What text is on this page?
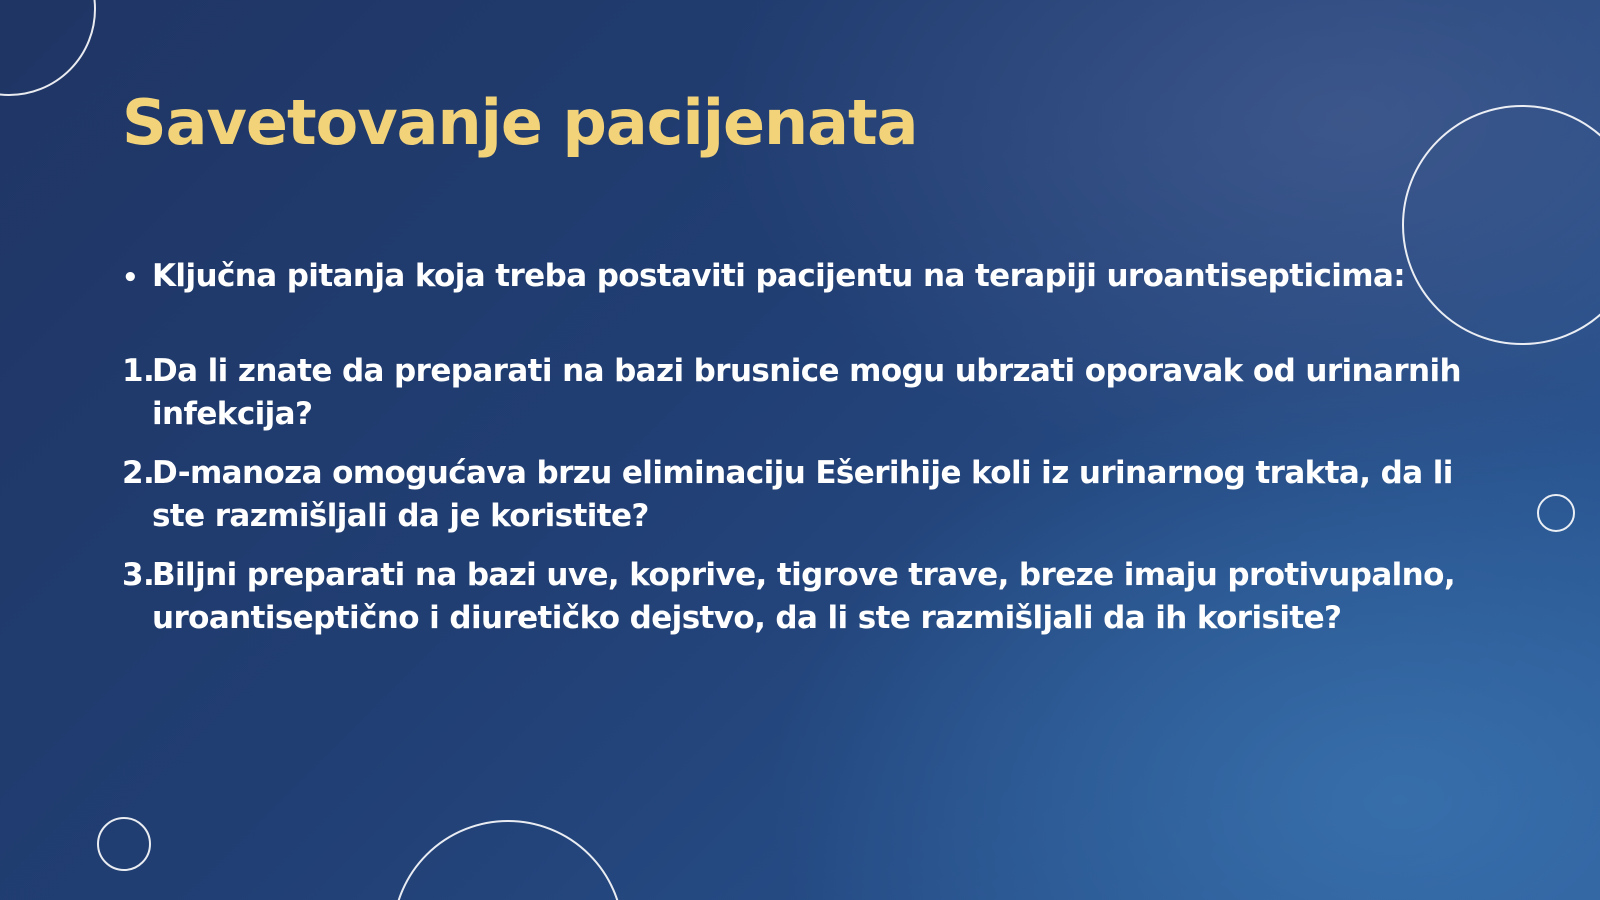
Savetovanje pacijenata
• Ključna pitanja koja treba postaviti pacijentu na terapiji uroantisepticima:
1.
Da li znate da preparati na bazi brusnice mogu ubrzati oporavak od urinarnih infekcija?
2.
D-manoza omogućava brzu eliminaciju Ešerihije koli iz urinarnog trakta, da li ste razmišljali da je koristite?
3.
Biljni preparati na bazi uve, koprive, tigrove trave, breze imaju protivupalno, uroantiseptično i diuretičko dejstvo, da li ste razmišljali da ih korisite?
